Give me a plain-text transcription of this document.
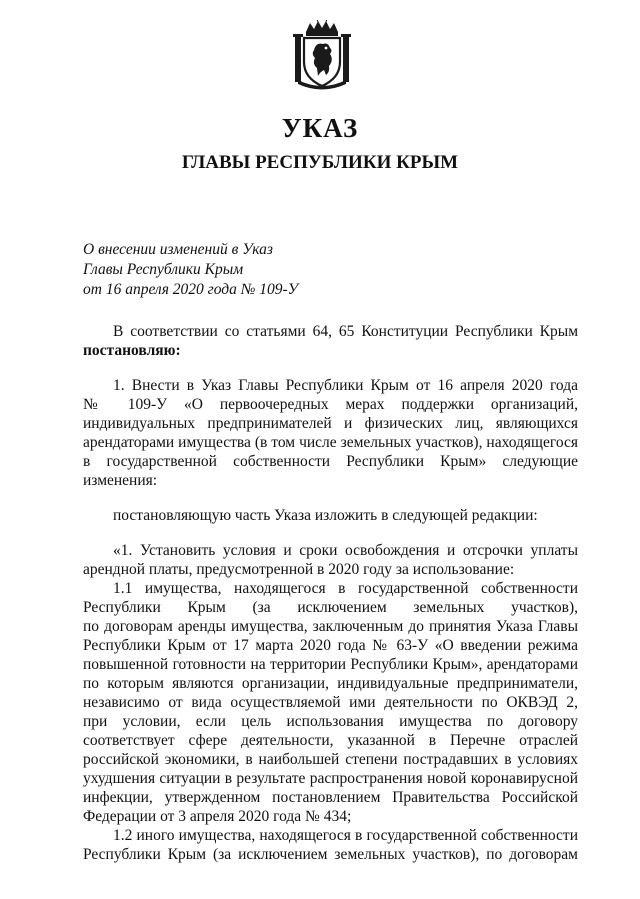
УКАЗ
ГЛАВЫ РЕСПУБЛИКИ КРЫМ
О внесении изменений в Указ
Главы Республики Крым
от 16 апреля 2020 года № 109-У
В соответствии со статьями 64, 65 Конституции Республики Крым
постановляю:
1. Внести в Указ Главы Республики Крым от 16 апреля 2020 года
№ 109-У «О первоочередных мерах поддержки организаций,
индивидуальных предпринимателей и физических лиц, являющихся
арендаторами имущества (в том числе земельных участков), находящегося
в государственной собственности Республики Крым» следующие
изменения:
постановляющую часть Указа изложить в следующей редакции:
«1. Установить условия и сроки освобождения и отсрочки уплаты
арендной платы, предусмотренной в 2020 году за использование:
1.1 имущества, находящегося в государственной собственности
Республики Крым (за исключением земельных участков),
по договорам аренды имущества, заключенным до принятия Указа Главы
Республики Крым от 17 марта 2020 года № 63-У «О введении режима
повышенной готовности на территории Республики Крым», арендаторами
по которым являются организации, индивидуальные предприниматели,
независимо от вида осуществляемой ими деятельности по ОКВЭД 2,
при условии, если цель использования имущества по договору
соответствует сфере деятельности, указанной в Перечне отраслей
российской экономики, в наибольшей степени пострадавших в условиях
ухудшения ситуации в результате распространения новой коронавирусной
инфекции, утвержденном постановлением Правительства Российской
Федерации от 3 апреля 2020 года № 434;
1.2 иного имущества, находящегося в государственной собственности
Республики Крым (за исключением земельных участков), по договорам
